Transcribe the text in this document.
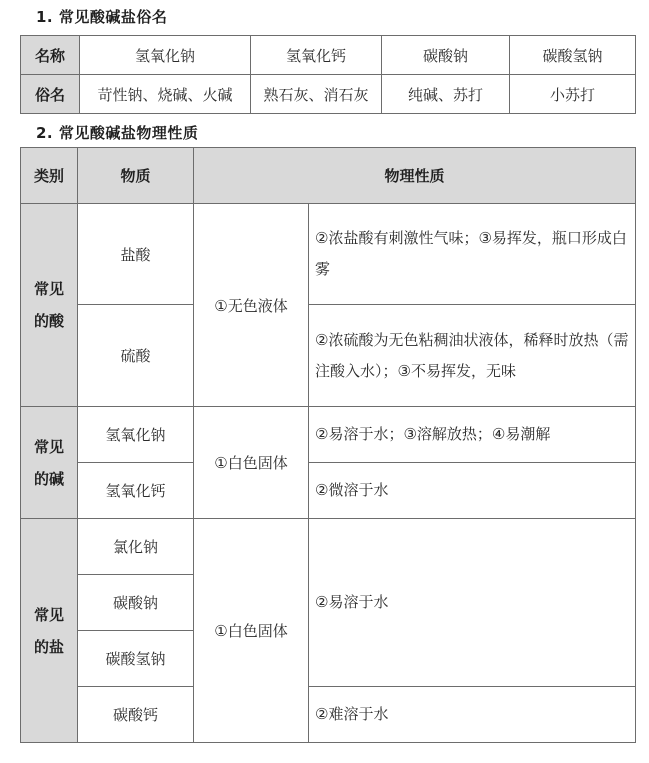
1. 常见酸碱盐俗名
名称	氢氧化钠	氢氧化钙	碳酸钠	碳酸氢钠
俗名	苛性钠、烧碱、火碱	熟石灰、消石灰	纯碱、苏打	小苏打
2. 常见酸碱盐物理性质
类别	物质	物理性质	

常见
的酸	盐酸	①无色液体	②浓盐酸有刺激性气味；③易挥发，瓶口形成白雾
	硫酸		②浓硫酸为无色粘稠油状液体，稀释时放热（需注酸入水）；③不易挥发，无味

常见
的碱	氢氧化钠	①白色固体	②易溶于水；③溶解放热；④易潮解
	氢氧化钙		②微溶于水

常见
的盐	氯化钠	①白色固体	②易溶于水
	碳酸钠		
	碳酸氢钠		
	碳酸钙		②难溶于水
